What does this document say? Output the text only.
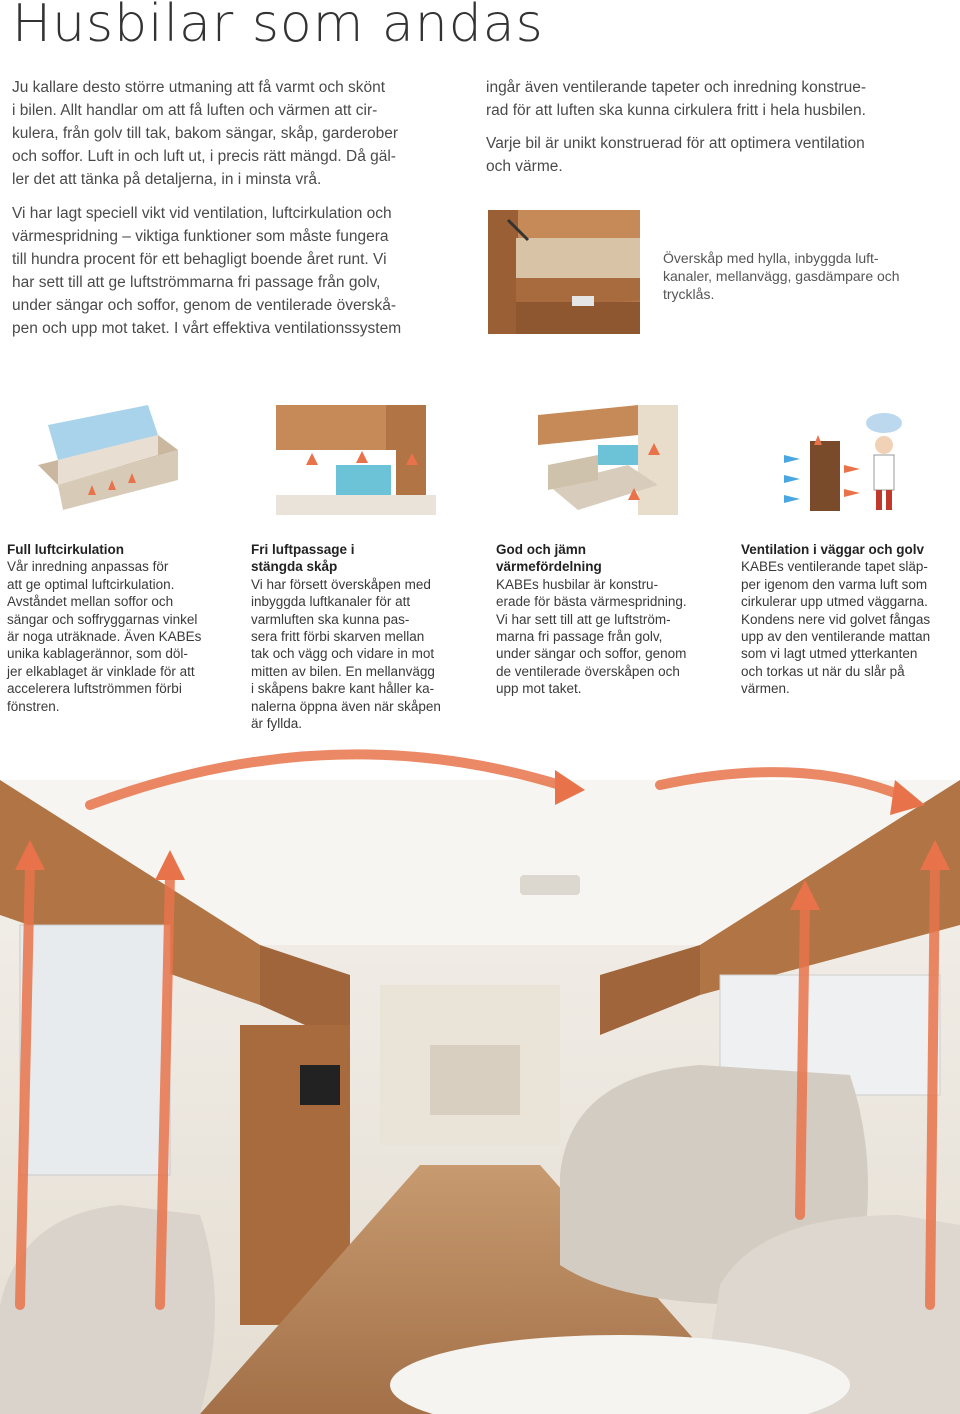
Husbilar som andas

Ju kallare desto större utmaning att få varmt och skönt
i bilen. Allt handlar om att få luften och värmen att cir-
kulera, från golv till tak, bakom sängar, skåp, garderober
och soffor. Luft in och luft ut, i precis rätt mängd. Då gäl-
ler det att tänka på detaljerna, in i minsta vrå.

Vi har lagt speciell vikt vid ventilation, luftcirkulation och
värmespridning – viktiga funktioner som måste fungera
till hundra procent för ett behagligt boende året runt. Vi
har sett till att ge luftströmmarna fri passage från golv,
under sängar och soffor, genom de ventilerade överskå-
pen och upp mot taket. I vårt effektiva ventilationssystem

ingår även ventilerande tapeter och inredning konstrue-
rad för att luften ska kunna cirkulera fritt i hela husbilen.

Varje bil är unikt konstruerad för att optimera ventilation
och värme.

Överskåp med hylla, inbyggda luft-
kanaler, mellanvägg, gasdämpare och
trycklås.

Full luftcirkulation

Vår inredning anpassas för
att ge optimal luftcirkulation.
Avståndet mellan soffor och
sängar och soffryggarnas vinkel
är noga uträknade. Även KABEs
unika kablagerännor, som döl-
jer elkablaget är vinklade för att
accelerera luftströmmen förbi
fönstren.

Fri luftpassage i
stängda skåp

Vi har försett överskåpen med
inbyggda luftkanaler för att
varmluften ska kunna pas-
sera fritt förbi skarven mellan
tak och vägg och vidare in mot
mitten av bilen. En mellanvägg
i skåpens bakre kant håller ka-
nalerna öppna även när skåpen
är fyllda.

God och jämn
värmefördelning

KABEs husbilar är konstru-
erade för bästa värmespridning.
Vi har sett till att ge luftström-
marna fri passage från golv,
under sängar och soffor, genom
de ventilerade överskåpen och
upp mot taket.

Ventilation i väggar och golv

KABEs ventilerande tapet släp-
per igenom den varma luft som
cirkulerar upp utmed väggarna.
Kondens nere vid golvet fångas
upp av den ventilerande mattan
som vi lagt utmed ytterkanten
och torkas ut när du slår på
värmen.
